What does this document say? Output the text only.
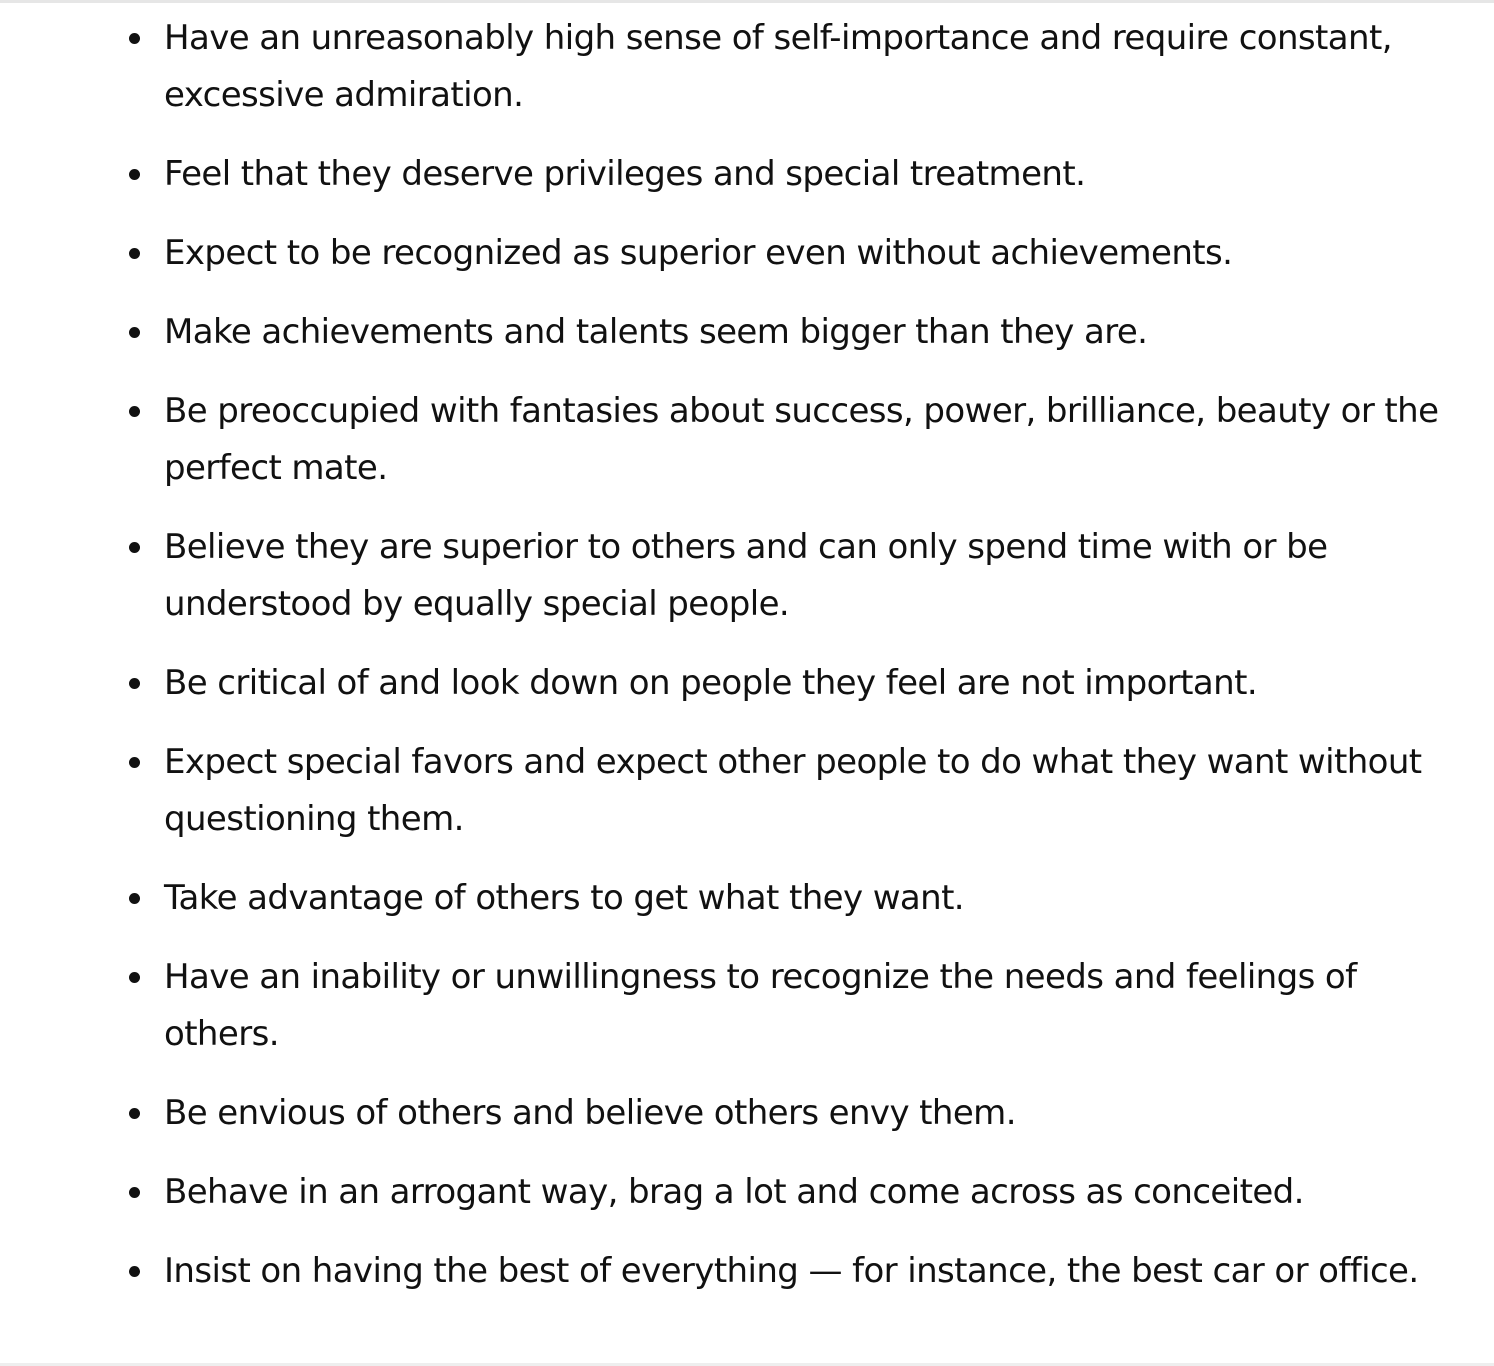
Have an unreasonably high sense of self-importance and require constant, excessive admiration.
Feel that they deserve privileges and special treatment.
Expect to be recognized as superior even without achievements.
Make achievements and talents seem bigger than they are.
Be preoccupied with fantasies about success, power, brilliance, beauty or the perfect mate.
Believe they are superior to others and can only spend time with or be understood by equally special people.
Be critical of and look down on people they feel are not important.
Expect special favors and expect other people to do what they want without questioning them.
Take advantage of others to get what they want.
Have an inability or unwillingness to recognize the needs and feelings of others.
Be envious of others and believe others envy them.
Behave in an arrogant way, brag a lot and come across as conceited.
Insist on having the best of everything — for instance, the best car or office.
